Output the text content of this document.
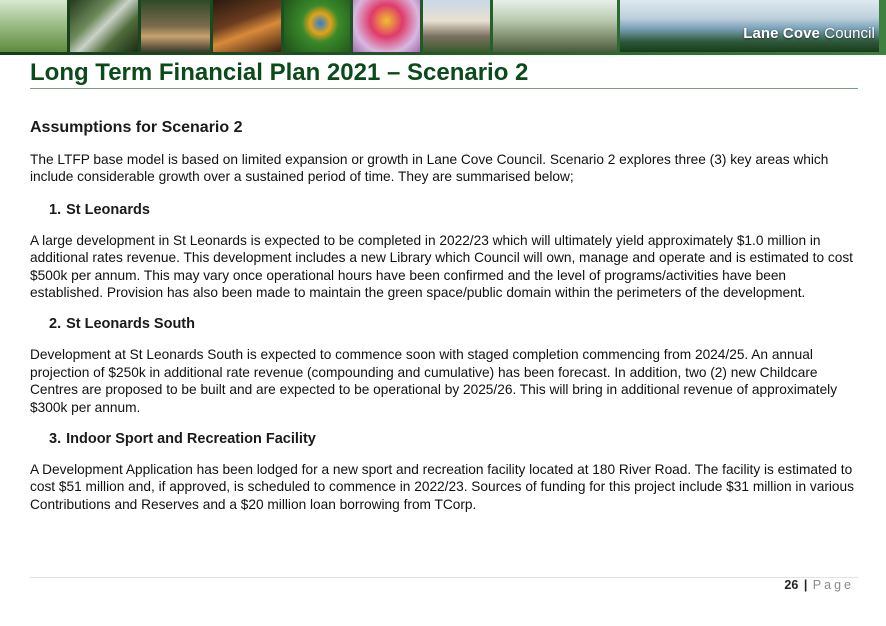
Lane Cove Council
Long Term Financial Plan 2021 – Scenario 2
Assumptions for Scenario 2

The LTFP base model is based on limited expansion or growth in Lane Cove Council. Scenario 2 explores three (3) key areas which include considerable growth over a sustained period of time. They are summarised below;

1. St Leonards

A large development in St Leonards is expected to be completed in 2022/23 which will ultimately yield approximately $1.0 million in additional rates revenue. This development includes a new Library which Council will own, manage and operate and is estimated to cost $500k per annum. This may vary once operational hours have been confirmed and the level of programs/activities have been established. Provision has also been made to maintain the green space/public domain within the perimeters of the development.

2. St Leonards South

Development at St Leonards South is expected to commence soon with staged completion commencing from 2024/25. An annual projection of $250k in additional rate revenue (compounding and cumulative) has been forecast. In addition, two (2) new Childcare Centres are proposed to be built and are expected to be operational by 2025/26. This will bring in additional revenue of approximately $300k per annum.

3. Indoor Sport and Recreation Facility

A Development Application has been lodged for a new sport and recreation facility located at 180 River Road. The facility is estimated to cost $51 million and, if approved, is scheduled to commence in 2022/23. Sources of funding for this project include $31 million in various Contributions and Reserves and a $20 million loan borrowing from TCorp.

26 | Page
